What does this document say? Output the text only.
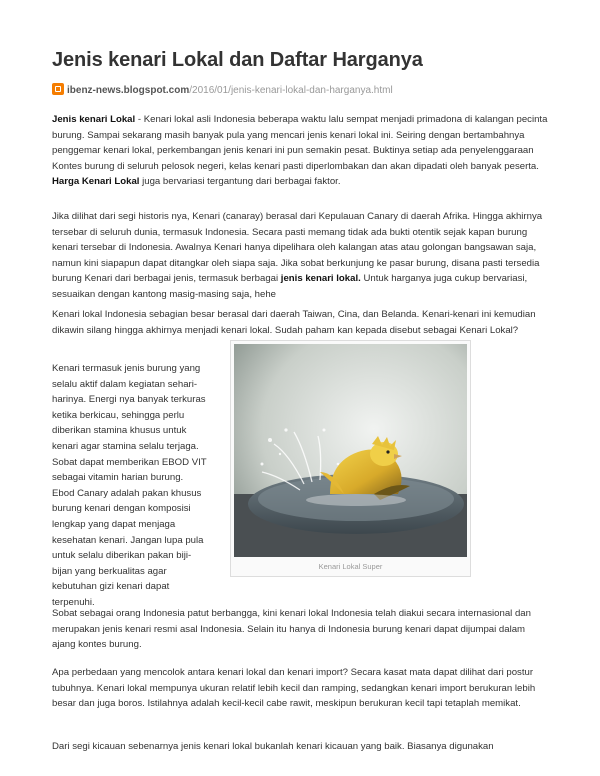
Jenis kenari Lokal dan Daftar Harganya
ibenz-news.blogspot.com/2016/01/jenis-kenari-lokal-dan-harganya.html

Jenis kenari Lokal - Kenari lokal asli Indonesia beberapa waktu lalu sempat menjadi primadona di kalangan pecinta burung. Sampai sekarang masih banyak pula yang mencari jenis kenari lokal ini. Seiring dengan bertambahnya penggemar kenari lokal, perkembangan jenis kenari ini pun semakin pesat. Buktinya setiap ada penyelenggaraan Kontes burung di seluruh pelosok negeri, kelas kenari pasti diperlombakan dan akan dipadati oleh banyak peserta. Harga Kenari Lokal juga bervariasi tergantung dari berbagai faktor.

Jika dilihat dari segi historis nya, Kenari (canaray) berasal dari Kepulauan Canary di daerah Afrika. Hingga akhirnya tersebar di seluruh dunia, termasuk Indonesia. Secara pasti memang tidak ada bukti otentik sejak kapan burung kenari tersebar di Indonesia. Awalnya Kenari hanya dipelihara oleh kalangan atas atau golongan bangsawan saja, namun kini siapapun dapat ditangkar oleh siapa saja. Jika sobat berkunjung ke pasar burung, disana pasti tersedia burung Kenari dari berbagai jenis, termasuk berbagai jenis kenari lokal. Untuk harganya juga cukup bervariasi, sesuaikan dengan kantong masig-masing saja, hehe

Kenari lokal Indonesia sebagian besar berasal dari daerah Taiwan, Cina, dan Belanda. Kenari-kenari ini kemudian dikawin silang hingga akhirnya menjadi kenari lokal. Sudah paham kan kepada disebut sebagai Kenari Lokal?

Kenari termasuk jenis burung yang selalu aktif dalam kegiatan sehari-harinya. Energi nya banyak terkuras ketika berkicau, sehingga perlu diberikan stamina khusus untuk kenari agar stamina selalu terjaga. Sobat dapat memberikan EBOD VIT sebagai vitamin harian burung. Ebod Canary adalah pakan khusus burung kenari dengan komposisi lengkap yang dapat menjaga kesehatan kenari. Jangan lupa pula untuk selalu diberikan pakan biji-bijan yang berkualitas agar kebutuhan gizi kenari dapat terpenuhi.

Kenari Lokal Super

Sobat sebagai orang Indonesia patut berbangga, kini kenari lokal Indonesia telah diakui secara internasional dan merupakan jenis kenari resmi asal Indonesia. Selain itu hanya di Indonesia burung kenari dapat dijumpai dalam ajang kontes burung.

Apa perbedaan yang mencolok antara kenari lokal dan kenari import? Secara kasat mata dapat dilihat dari postur tubuhnya. Kenari lokal mempunya ukuran relatif lebih kecil dan ramping, sedangkan kenari import berukuran lebih besar dan juga boros. Istilahnya adalah kecil-kecil cabe rawit, meskipun berukuran kecil tapi tetaplah memikat.

Dari segi kicauan sebenarnya jenis kenari lokal bukanlah kenari kicauan yang baik. Biasanya digunakan
